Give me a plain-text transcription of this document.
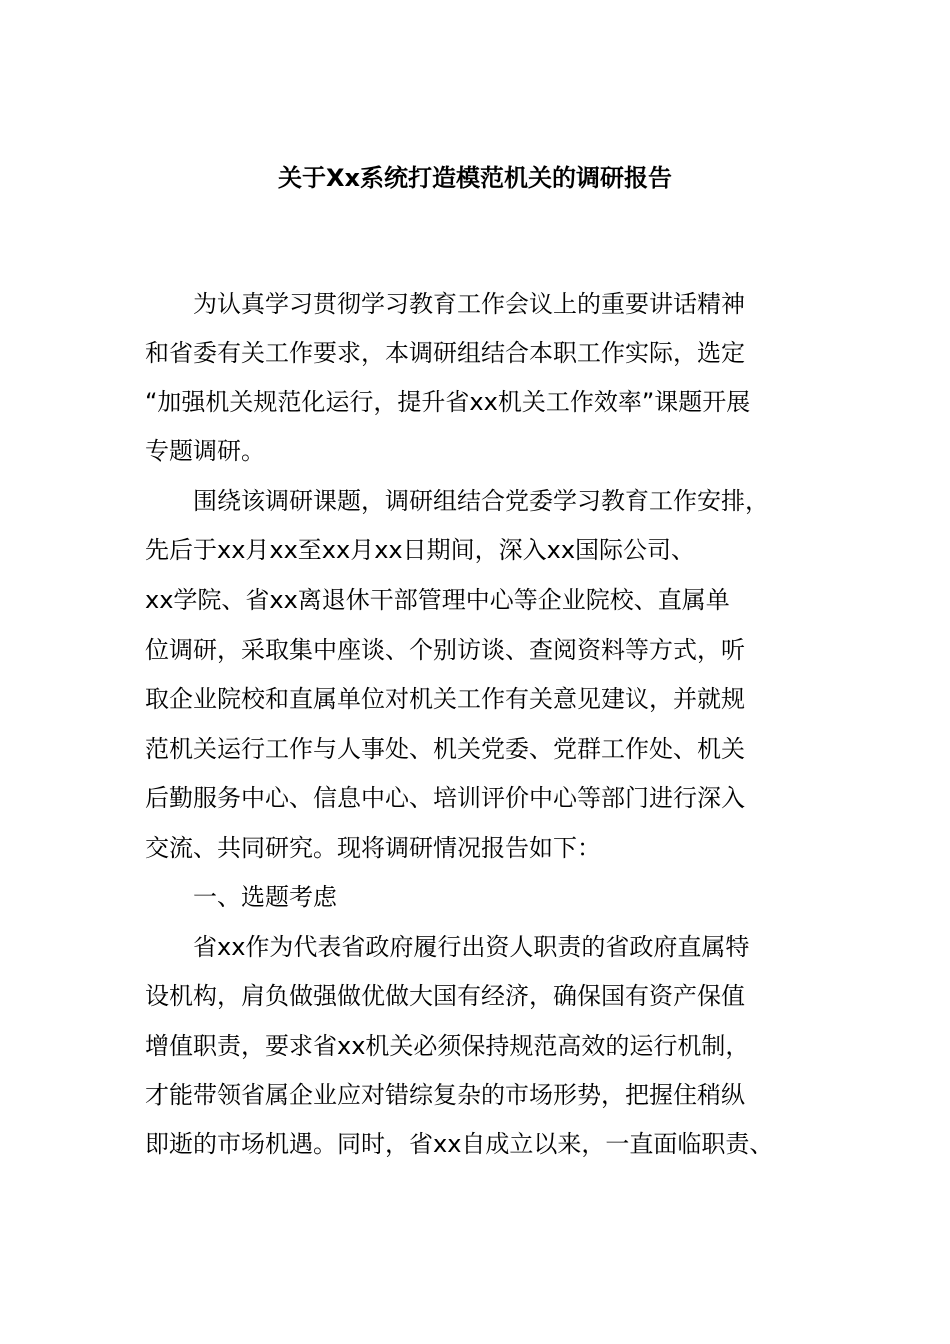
关于Xx系统打造模范机关的调研报告

　　为认真学习贯彻学习教育工作会议上的重要讲话精神

和省委有关工作要求，本调研组结合本职工作实际，选定

“加强机关规范化运行，提升省xx机关工作效率”课题开展

专题调研。

　　围绕该调研课题，调研组结合党委学习教育工作安排，

先后于xx月xx至xx月xx日期间，深入xx国际公司、

xx学院、省xx离退休干部管理中心等企业院校、直属单

位调研，采取集中座谈、个别访谈、查阅资料等方式，听

取企业院校和直属单位对机关工作有关意见建议，并就规

范机关运行工作与人事处、机关党委、党群工作处、机关

后勤服务中心、信息中心、培训评价中心等部门进行深入

交流、共同研究。现将调研情况报告如下：

　　一、选题考虑

　　省xx作为代表省政府履行出资人职责的省政府直属特

设机构，肩负做强做优做大国有经济，确保国有资产保值

增值职责，要求省xx机关必须保持规范高效的运行机制，

才能带领省属企业应对错综复杂的市场形势，把握住稍纵

即逝的市场机遇。同时，省xx自成立以来，一直面临职责、
